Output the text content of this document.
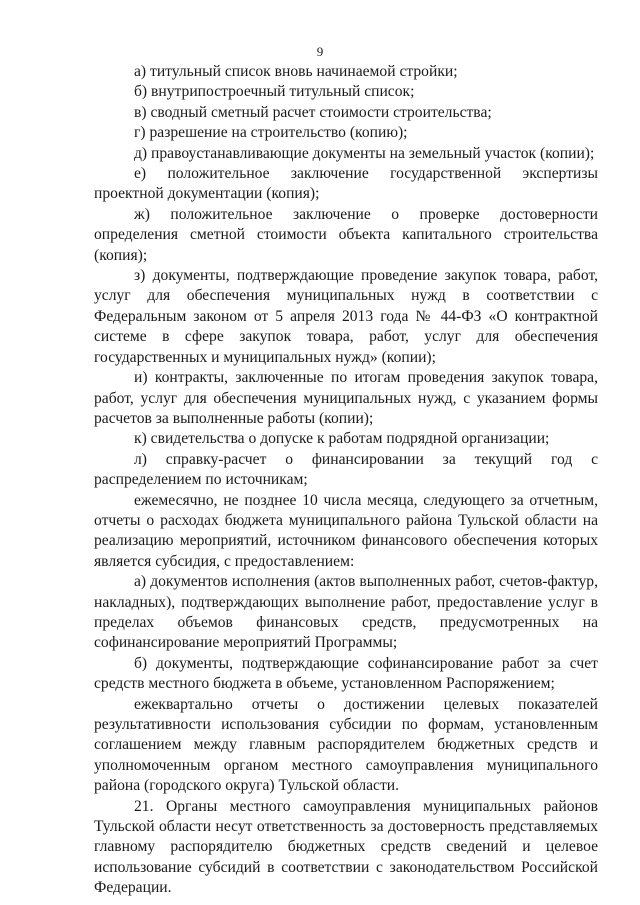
9

а) титульный список вновь начинаемой стройки;

б) внутрипостроечный титульный список;

в) сводный сметный расчет стоимости строительства;

г) разрешение на строительство (копию);

д) правоустанавливающие документы на земельный участок (копии);

е) положительное заключение государственной экспертизы проектной документации (копия);

ж) положительное заключение о проверке достоверности определения сметной стоимости объекта капитального строительства (копия);

з) документы, подтверждающие проведение закупок товара, работ, услуг для обеспечения муниципальных нужд в соответствии с Федеральным законом от 5 апреля 2013 года № 44-ФЗ «О контрактной системе в сфере закупок товара, работ, услуг для обеспечения государственных и муниципальных нужд» (копии);

и) контракты, заключенные по итогам проведения закупок товара, работ, услуг для обеспечения муниципальных нужд, с указанием формы расчетов за выполненные работы (копии);

к) свидетельства о допуске к работам подрядной организации;

л) справку-расчет о финансировании за текущий год с распределением по источникам;

ежемесячно, не позднее 10 числа месяца, следующего за отчетным, отчеты о расходах бюджета муниципального района Тульской области на реализацию мероприятий, источником финансового обеспечения которых является субсидия, с предоставлением:

а) документов исполнения (актов выполненных работ, счетов-фактур, накладных), подтверждающих выполнение работ, предоставление услуг в пределах объемов финансовых средств, предусмотренных на софинансирование мероприятий Программы;

б) документы, подтверждающие софинансирование работ за счет средств местного бюджета в объеме, установленном Распоряжением;

ежеквартально отчеты о достижении целевых показателей результативности использования субсидии по формам, установленным соглашением между главным распорядителем бюджетных средств и уполномоченным органом местного самоуправления муниципального района (городского округа) Тульской области.

21. Органы местного самоуправления муниципальных районов Тульской области несут ответственность за достоверность представляемых главному распорядителю бюджетных средств сведений и целевое использование субсидий в соответствии с законодательством Российской Федерации.
